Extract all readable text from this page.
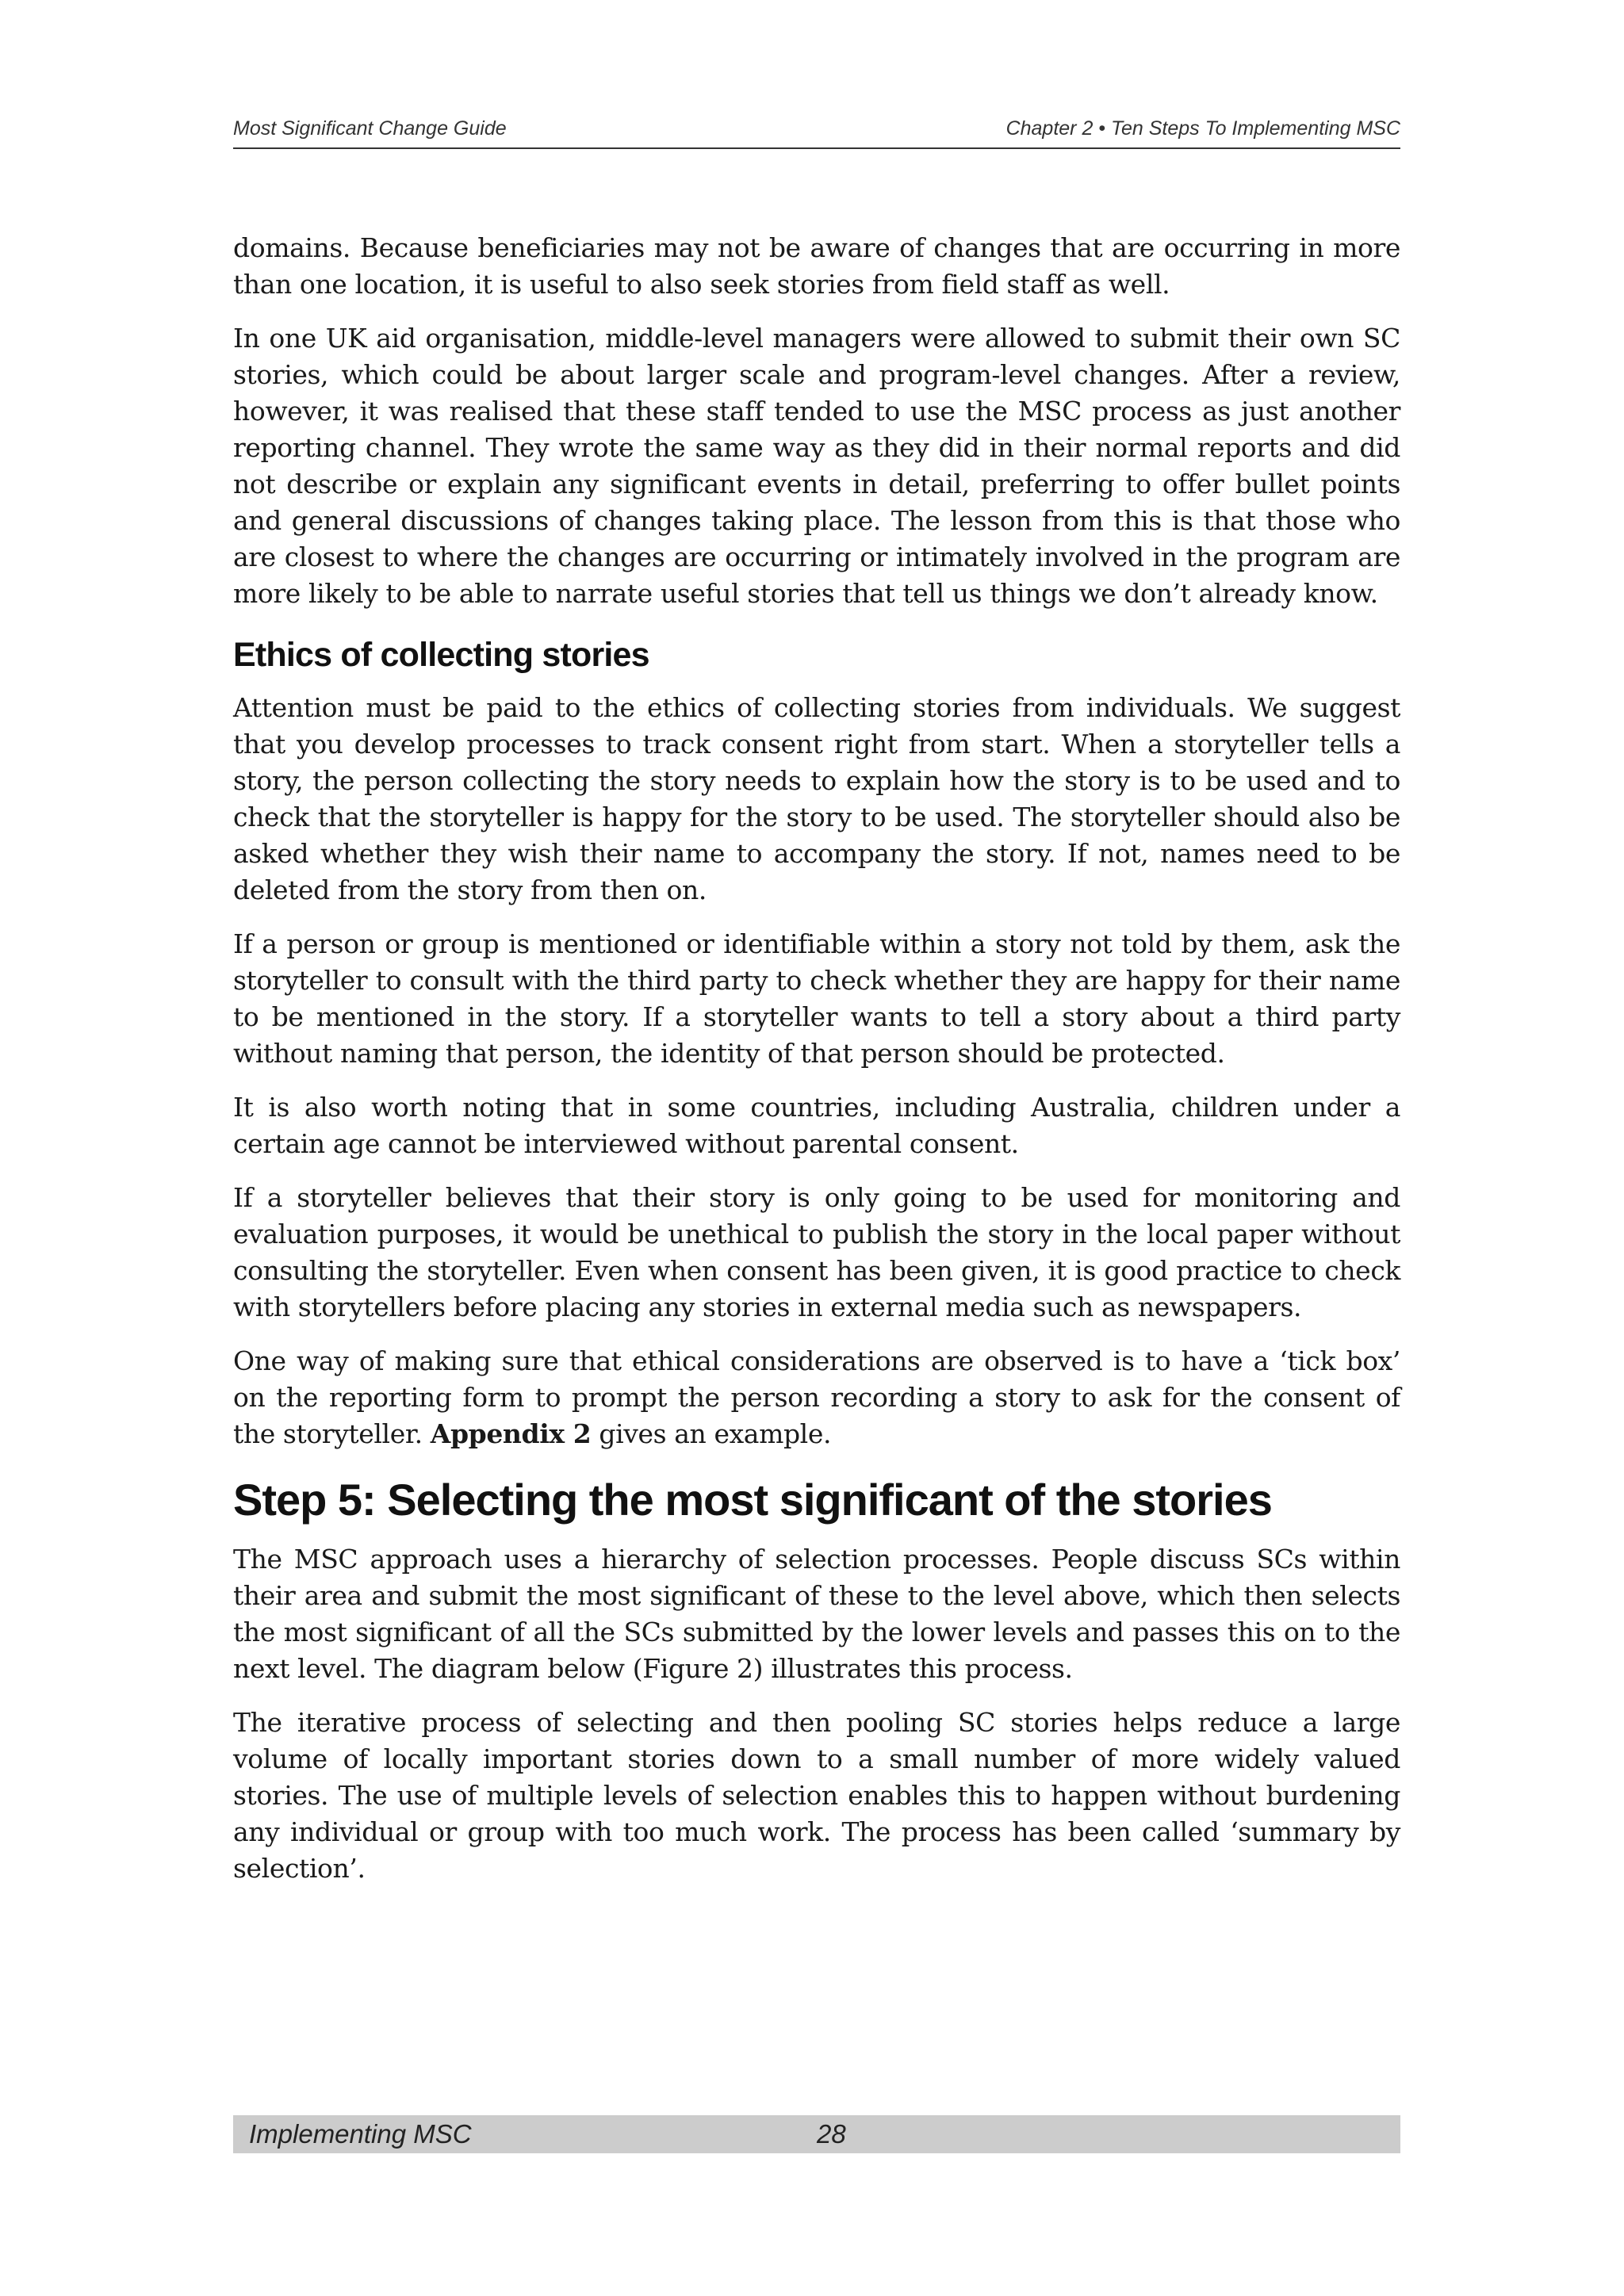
Most Significant Change Guide	Chapter 2 • Ten Steps To Implementing MSC

domains. Because beneficiaries may not be aware of changes that are occurring in more than one location, it is useful to also seek stories from field staff as well.

In one UK aid organisation, middle-level managers were allowed to submit their own SC stories, which could be about larger scale and program-level changes. After a review, however, it was realised that these staff tended to use the MSC process as just another reporting channel. They wrote the same way as they did in their normal reports and did not describe or explain any significant events in detail, preferring to offer bullet points and general discussions of changes taking place. The lesson from this is that those who are closest to where the changes are occurring or intimately involved in the program are more likely to be able to narrate useful stories that tell us things we don’t already know.

Ethics of collecting stories

Attention must be paid to the ethics of collecting stories from individuals. We suggest that you develop processes to track consent right from start. When a storyteller tells a story, the person collecting the story needs to explain how the story is to be used and to check that the storyteller is happy for the story to be used. The storyteller should also be asked whether they wish their name to accompany the story. If not, names need to be deleted from the story from then on.

If a person or group is mentioned or identifiable within a story not told by them, ask the storyteller to consult with the third party to check whether they are happy for their name to be mentioned in the story. If a storyteller wants to tell a story about a third party without naming that person, the identity of that person should be protected.

It is also worth noting that in some countries, including Australia, children under a certain age cannot be interviewed without parental consent.

If a storyteller believes that their story is only going to be used for monitoring and evaluation purposes, it would be unethical to publish the story in the local paper without consulting the storyteller. Even when consent has been given, it is good practice to check with storytellers before placing any stories in external media such as newspapers.

One way of making sure that ethical considerations are observed is to have a ‘tick box’ on the reporting form to prompt the person recording a story to ask for the consent of the storyteller. Appendix 2 gives an example.

Step 5: Selecting the most significant of the stories

The MSC approach uses a hierarchy of selection processes. People discuss SCs within their area and submit the most significant of these to the level above, which then selects the most significant of all the SCs submitted by the lower levels and passes this on to the next level. The diagram below (Figure 2) illustrates this process.

The iterative process of selecting and then pooling SC stories helps reduce a large volume of locally important stories down to a small number of more widely valued stories. The use of multiple levels of selection enables this to happen without burdening any individual or group with too much work. The process has been called ‘summary by selection’.

Implementing MSC	28
